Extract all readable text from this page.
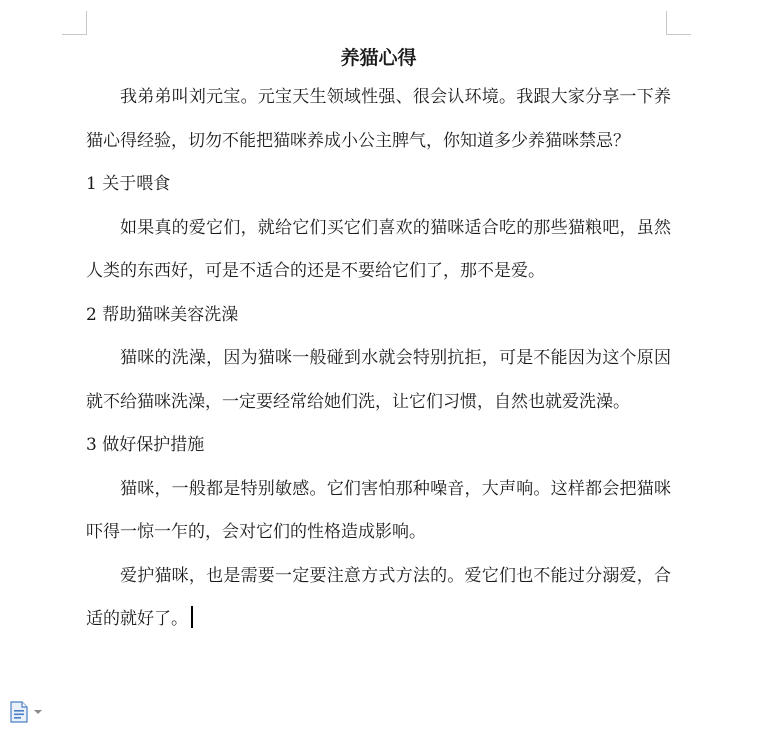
养猫心得

我弟弟叫刘元宝。元宝天生领域性强、很会认环境。我跟大家分享一下养猫心得经验，切勿不能把猫咪养成小公主脾气，你知道多少养猫咪禁忌？

1 关于喂食

如果真的爱它们，就给它们买它们喜欢的猫咪适合吃的那些猫粮吧，虽然人类的东西好，可是不适合的还是不要给它们了，那不是爱。

2 帮助猫咪美容洗澡

猫咪的洗澡，因为猫咪一般碰到水就会特别抗拒，可是不能因为这个原因就不给猫咪洗澡，一定要经常给她们洗，让它们习惯，自然也就爱洗澡。

3 做好保护措施

猫咪，一般都是特别敏感。它们害怕那种噪音，大声响。这样都会把猫咪吓得一惊一乍的，会对它们的性格造成影响。

爱护猫咪，也是需要一定要注意方式方法的。爱它们也不能过分溺爱，合适的就好了。
